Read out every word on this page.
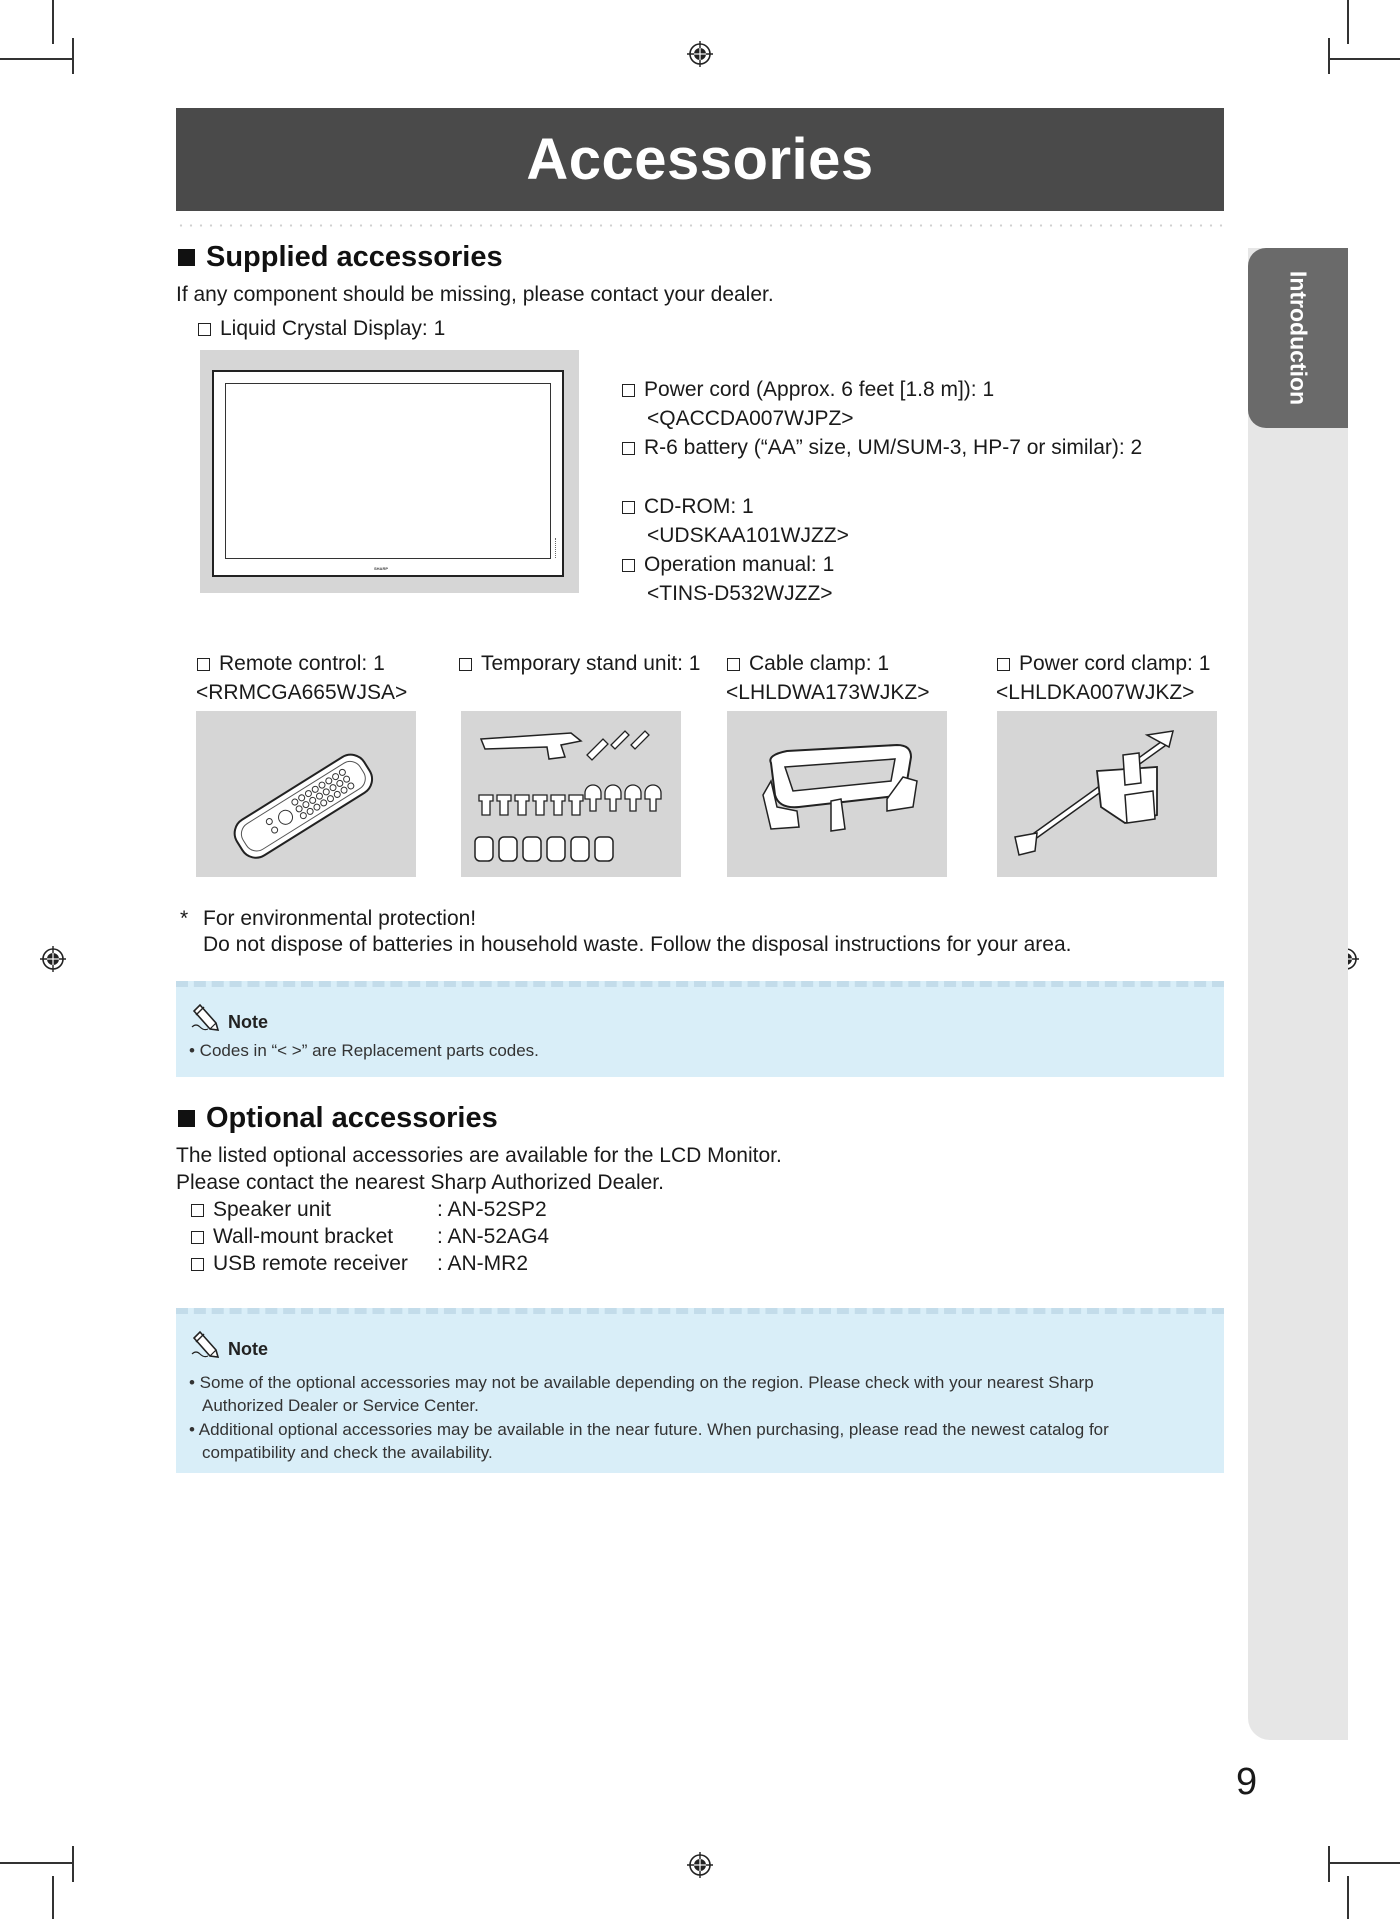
Introduction
Accessories
Supplied accessories
If any component should be missing, please contact your dealer.
Liquid Crystal Display: 1
SHARP
Power cord (Approx. 6 feet [1.8 m]): 1
<QACCDA007WJPZ>
R-6 battery (“AA” size, UM/SUM-3, HP-7 or similar): 2
CD-ROM: 1
<UDSKAA101WJZZ>
Operation manual: 1
<TINS-D532WJZZ>
Remote control: 1
<RRMCGA665WJSA>
Temporary stand unit: 1 Cable clamp: 1
<LHLDWA173WJKZ>
Power cord clamp: 1
<LHLDKA007WJKZ>
* For environmental protection!
Do not dispose of batteries in household waste. Follow the disposal instructions for your area.
Note
• Codes in “< >” are Replacement parts codes.
Optional accessories
The listed optional accessories are available for the LCD Monitor.
Please contact the nearest Sharp Authorized Dealer.
Speaker unit	: AN-52SP2
Wall-mount bracket : AN-52AG4
USB remote receiver : AN-MR2
Note
• Some of the optional accessories may not be available depending on the region. Please check with your nearest Sharp
Authorized Dealer or Service Center.
• Additional optional accessories may be available in the near future. When purchasing, please read the newest catalog for
compatibility and check the availability.
9
